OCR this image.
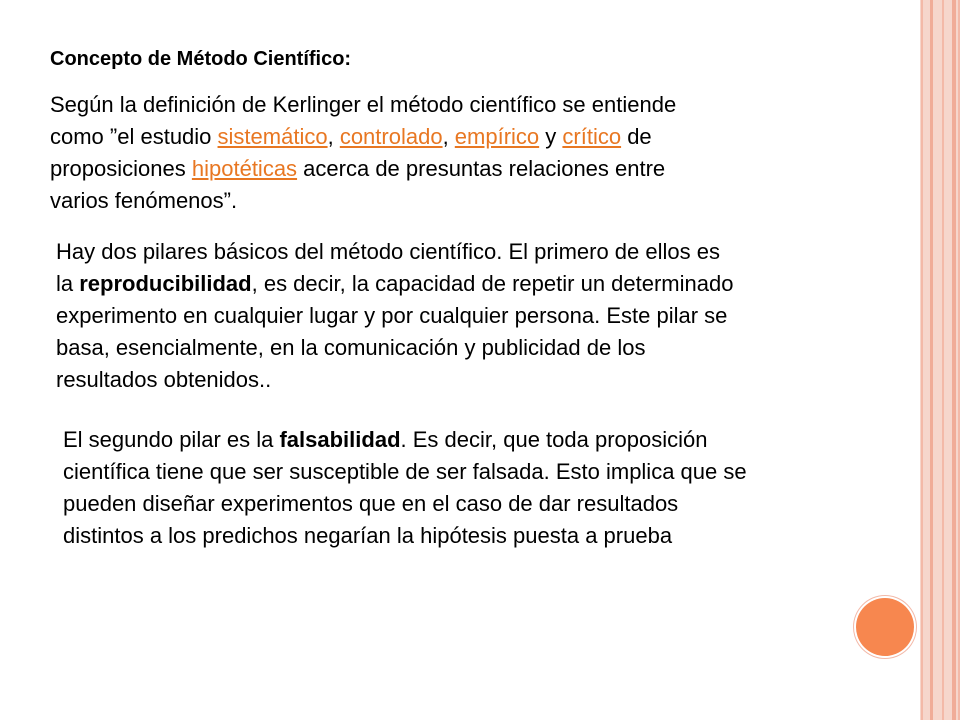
Concepto de Método Científico:
Según la definición de Kerlinger el método científico se entiende
como ”el estudio sistemático, controlado, empírico y crítico de
proposiciones hipotéticas acerca de presuntas relaciones entre
varios fenómenos”.
Hay dos pilares básicos del método científico. El primero de ellos es
la reproducibilidad, es decir, la capacidad de repetir un determinado
experimento en cualquier lugar y por cualquier persona. Este pilar se
basa, esencialmente, en la comunicación y publicidad de los
resultados obtenidos..
El segundo pilar es la falsabilidad. Es decir, que toda proposición
científica tiene que ser susceptible de ser falsada. Esto implica que se
pueden diseñar experimentos que en el caso de dar resultados
distintos a los predichos negarían la hipótesis puesta a prueba
